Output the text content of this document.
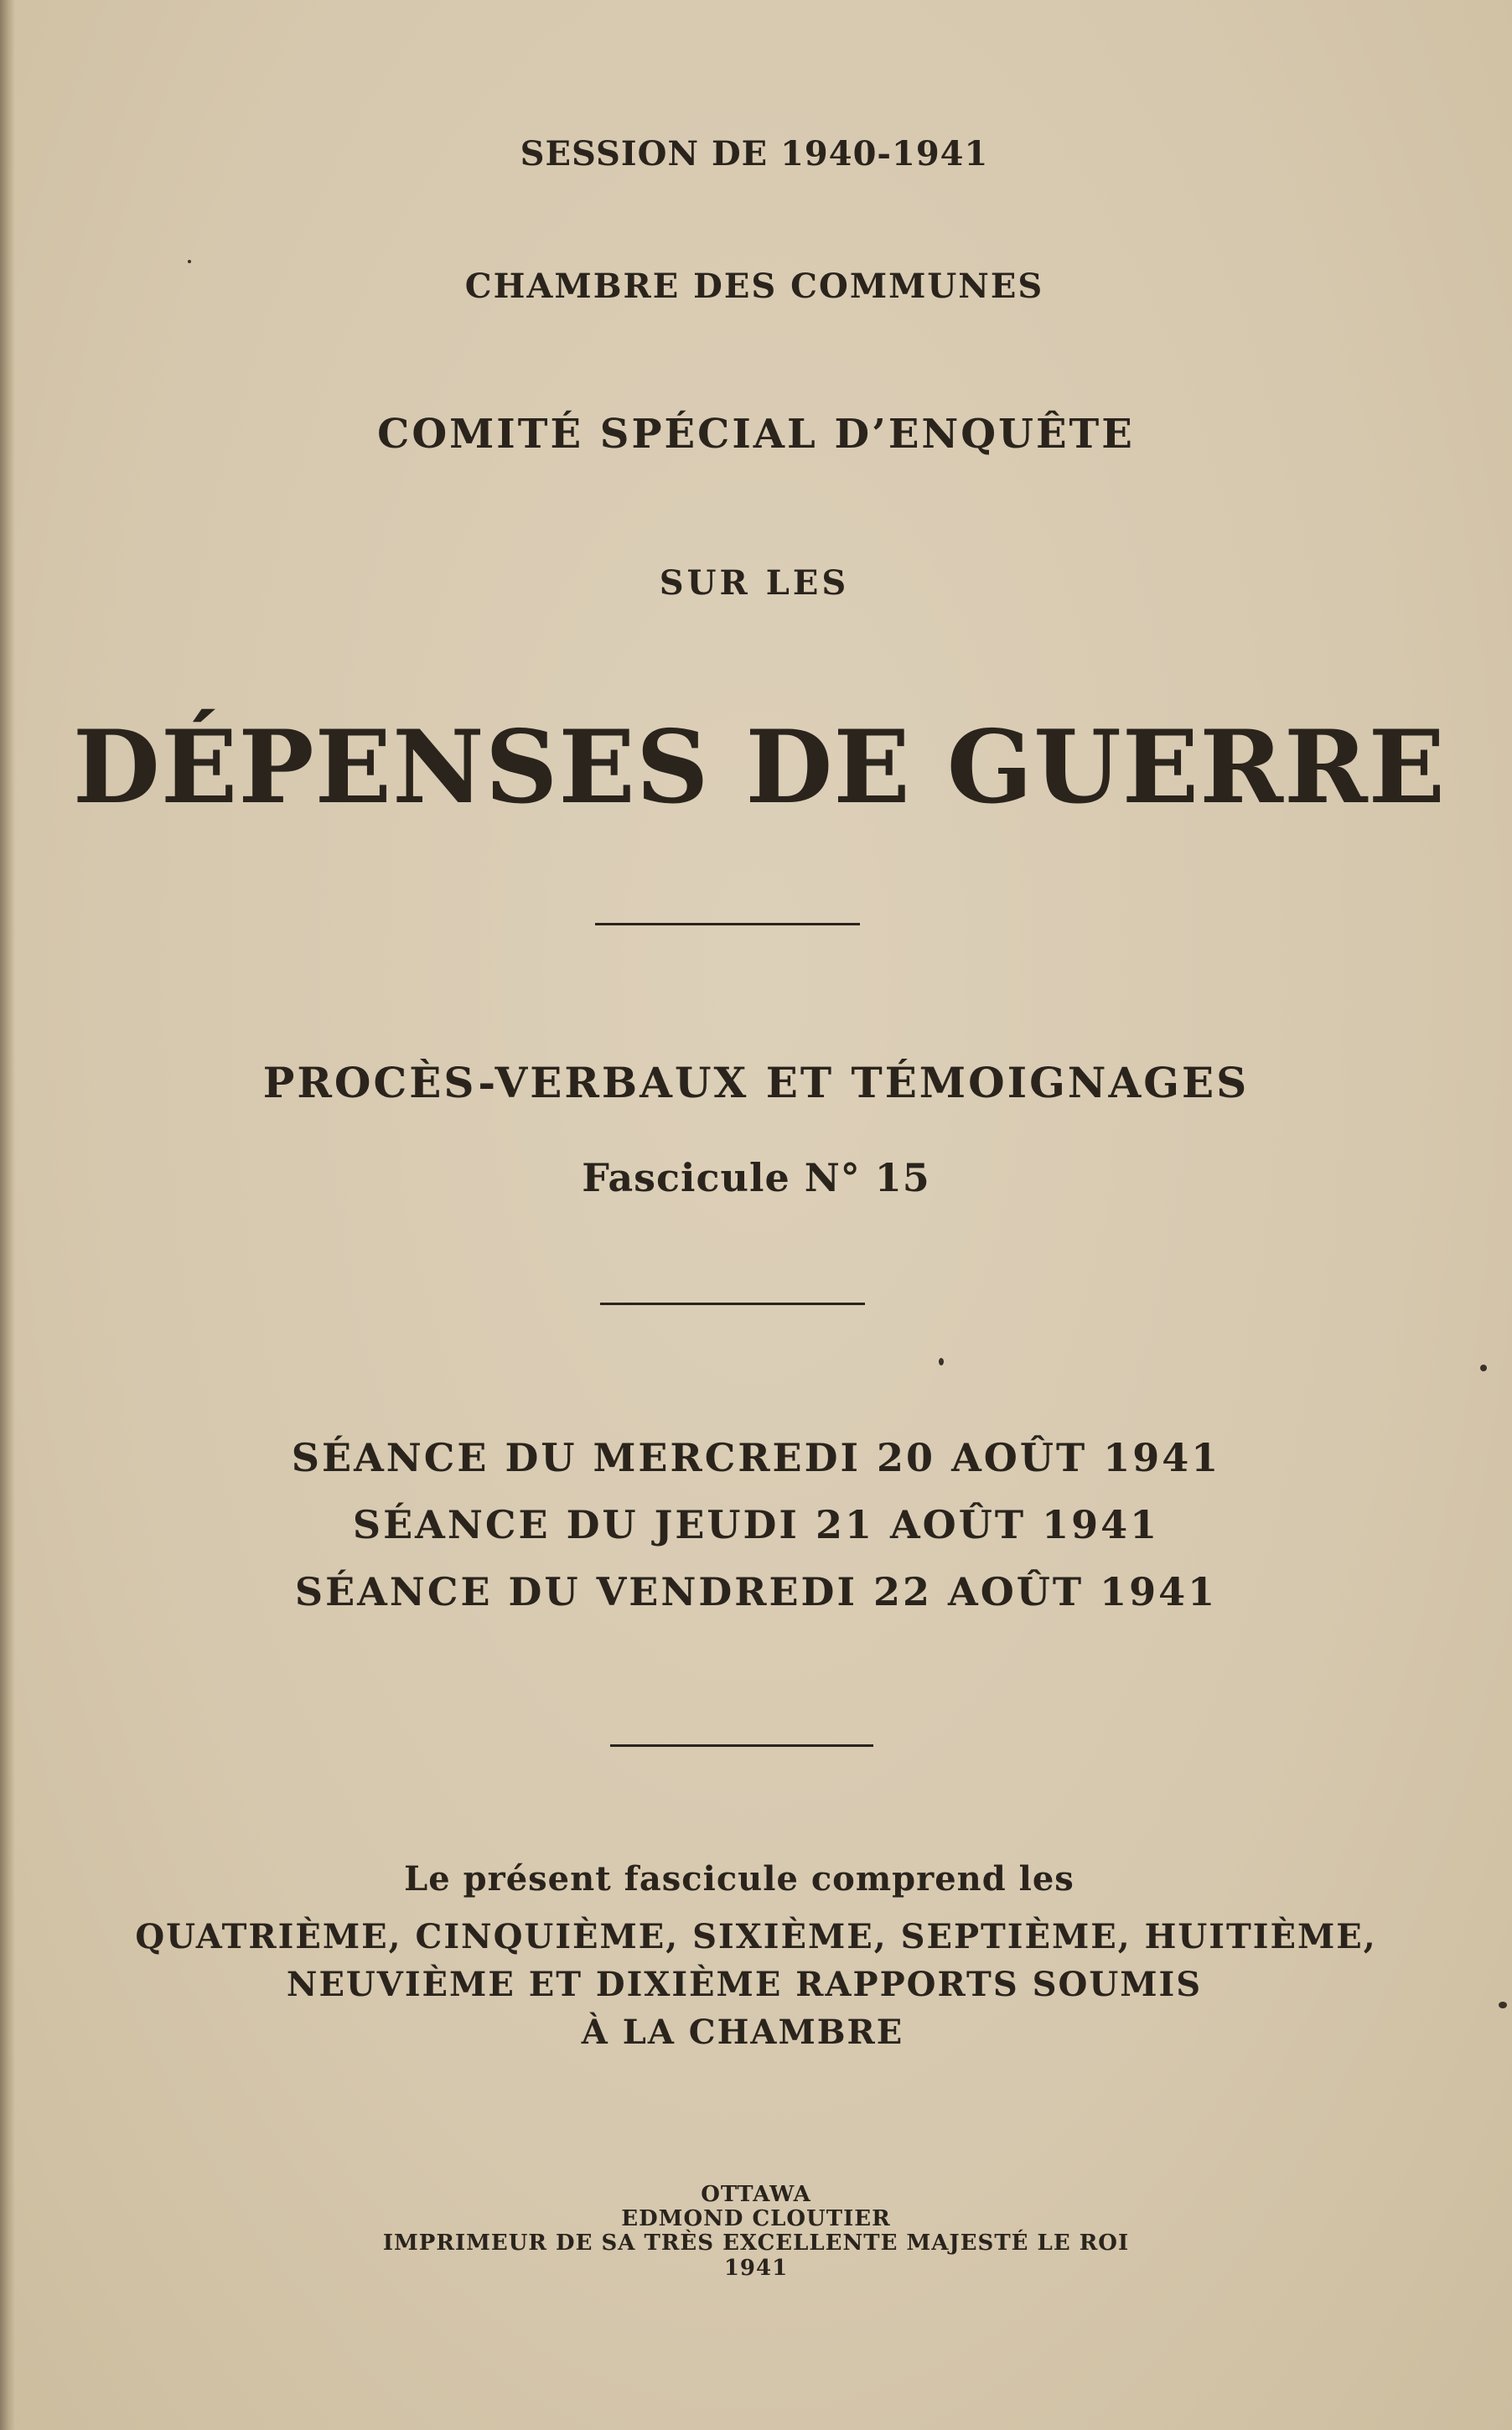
SESSION DE 1940-1941

CHAMBRE DES COMMUNES

COMITÉ SPÉCIAL D’ENQUÊTE

SUR LES

DÉPENSES DE GUERRE

PROCÈS-VERBAUX ET TÉMOIGNAGES

Fascicule N° 15

SÉANCE DU MERCREDI 20 AOÛT 1941

SÉANCE DU JEUDI 21 AOÛT 1941

SÉANCE DU VENDREDI 22 AOÛT 1941

Le présent fascicule comprend les

QUATRIÈME, CINQUIÈME, SIXIÈME, SEPTIÈME, HUITIÈME,

NEUVIÈME ET DIXIÈME RAPPORTS SOUMIS

À LA CHAMBRE

OTTAWA

EDMOND CLOUTIER

IMPRIMEUR DE SA TRÈS EXCELLENTE MAJESTÉ LE ROI

1941
